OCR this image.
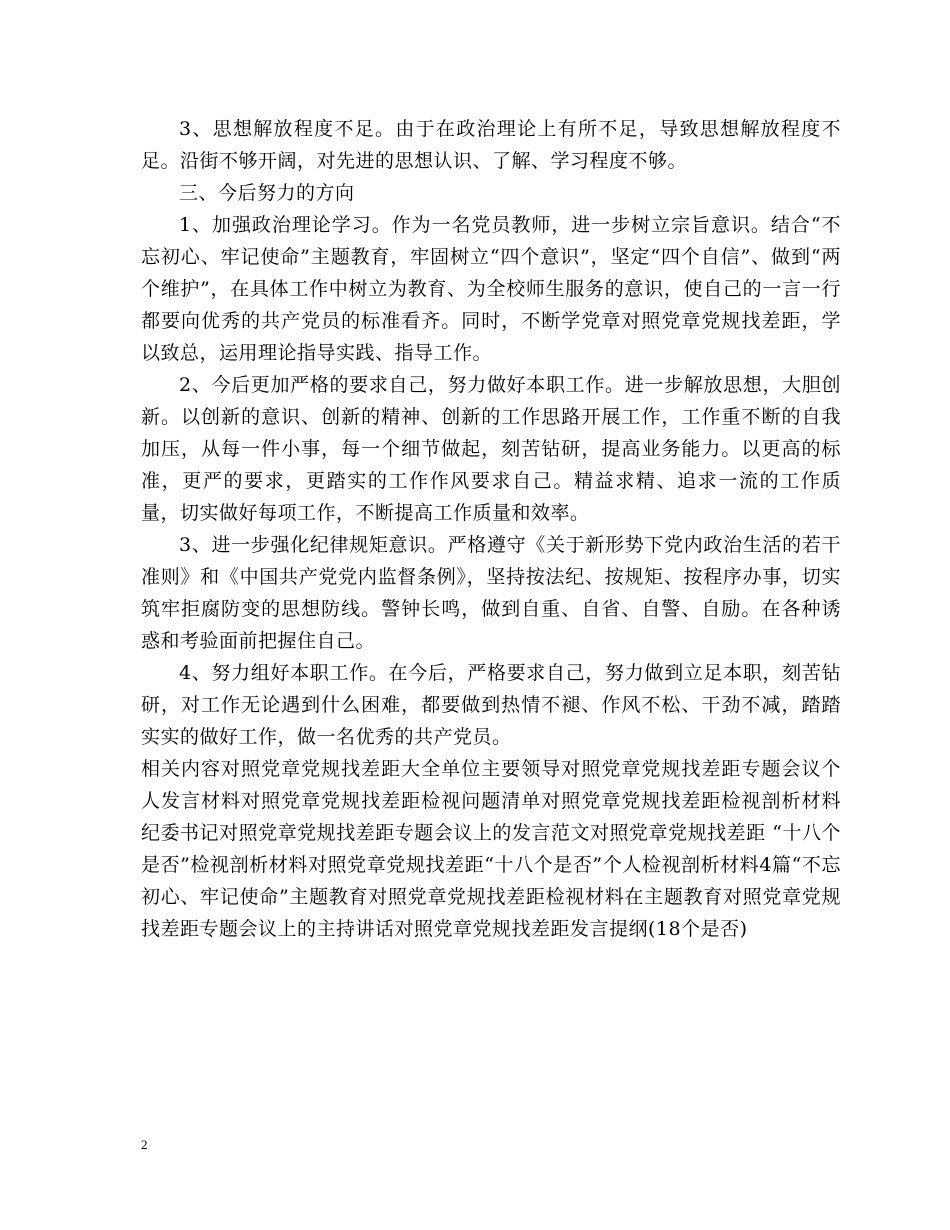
3、思想解放程度不足。由于在政治理论上有所不足，导致思想解放程度不足。沿街不够开阔，对先进的思想认识、了解、学习程度不够。

三、今后努力的方向

1、加强政治理论学习。作为一名党员教师，进一步树立宗旨意识。结合“不忘初心、牢记使命”主题教育，牢固树立“四个意识”，坚定“四个自信”、做到“两个维护”，在具体工作中树立为教育、为全校师生服务的意识，使自己的一言一行都要向优秀的共产党员的标准看齐。同时，不断学党章对照党章党规找差距，学以致总，运用理论指导实践、指导工作。

2、今后更加严格的要求自己，努力做好本职工作。进一步解放思想，大胆创新。以创新的意识、创新的精神、创新的工作思路开展工作，工作重不断的自我加压，从每一件小事，每一个细节做起，刻苦钻研，提高业务能力。以更高的标准，更严的要求，更踏实的工作作风要求自己。精益求精、追求一流的工作质量，切实做好每项工作，不断提高工作质量和效率。

3、进一步强化纪律规矩意识。严格遵守《关于新形势下党内政治生活的若干准则》和《中国共产党党内监督条例》，坚持按法纪、按规矩、按程序办事，切实筑牢拒腐防变的思想防线。警钟长鸣，做到自重、自省、自警、自励。在各种诱惑和考验面前把握住自己。

4、努力组好本职工作。在今后，严格要求自己，努力做到立足本职，刻苦钻研，对工作无论遇到什么困难，都要做到热情不褪、作风不松、干劲不减，踏踏实实的做好工作，做一名优秀的共产党员。

相关内容对照党章党规找差距大全单位主要领导对照党章党规找差距专题会议个人发言材料对照党章党规找差距检视问题清单对照党章党规找差距检视剖析材料纪委书记对照党章党规找差距专题会议上的发言范文对照党章党规找差距 “十八个是否”检视剖析材料对照党章党规找差距“十八个是否”个人检视剖析材料4篇“不忘初心、牢记使命”主题教育对照党章党规找差距检视材料在主题教育对照党章党规找差距专题会议上的主持讲话对照党章党规找差距发言提纲(18个是否)

2
